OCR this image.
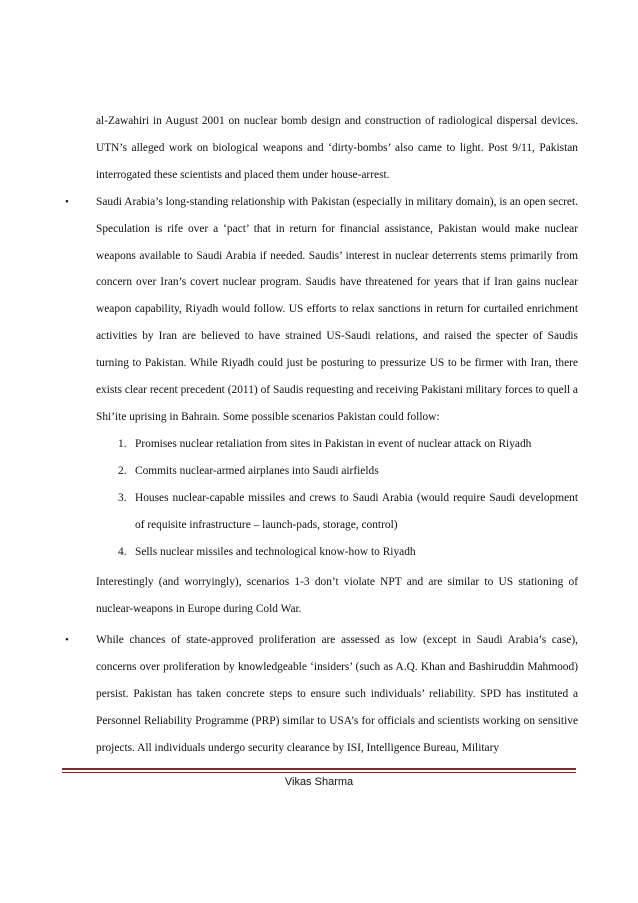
al-Zawahiri in August 2001 on nuclear bomb design and construction of radiological dispersal devices. UTN’s alleged work on biological weapons and ‘dirty-bombs’ also came to light. Post 9/11, Pakistan interrogated these scientists and placed them under house-arrest.

• Saudi Arabia’s long-standing relationship with Pakistan (especially in military domain), is an open secret. Speculation is rife over a ‘pact’ that in return for financial assistance, Pakistan would make nuclear weapons available to Saudi Arabia if needed. Saudis’ interest in nuclear deterrents stems primarily from concern over Iran’s covert nuclear program. Saudis have threatened for years that if Iran gains nuclear weapon capability, Riyadh would follow. US efforts to relax sanctions in return for curtailed enrichment activities by Iran are believed to have strained US-Saudi relations, and raised the specter of Saudis turning to Pakistan. While Riyadh could just be posturing to pressurize US to be firmer with Iran, there exists clear recent precedent (2011) of Saudis requesting and receiving Pakistani military forces to quell a Shi’ite uprising in Bahrain. Some possible scenarios Pakistan could follow:

1. Promises nuclear retaliation from sites in Pakistan in event of nuclear attack on Riyadh
2. Commits nuclear-armed airplanes into Saudi airfields
3. Houses nuclear-capable missiles and crews to Saudi Arabia (would require Saudi development of requisite infrastructure – launch-pads, storage, control)
4. Sells nuclear missiles and technological know-how to Riyadh

Interestingly (and worryingly), scenarios 1-3 don’t violate NPT and are similar to US stationing of nuclear-weapons in Europe during Cold War.

• While chances of state-approved proliferation are assessed as low (except in Saudi Arabia’s case), concerns over proliferation by knowledgeable ‘insiders’ (such as A.Q. Khan and Bashiruddin Mahmood) persist. Pakistan has taken concrete steps to ensure such individuals’ reliability. SPD has instituted a Personnel Reliability Programme (PRP) similar to USA’s for officials and scientists working on sensitive projects. All individuals undergo security clearance by ISI, Intelligence Bureau, Military

Vikas Sharma
